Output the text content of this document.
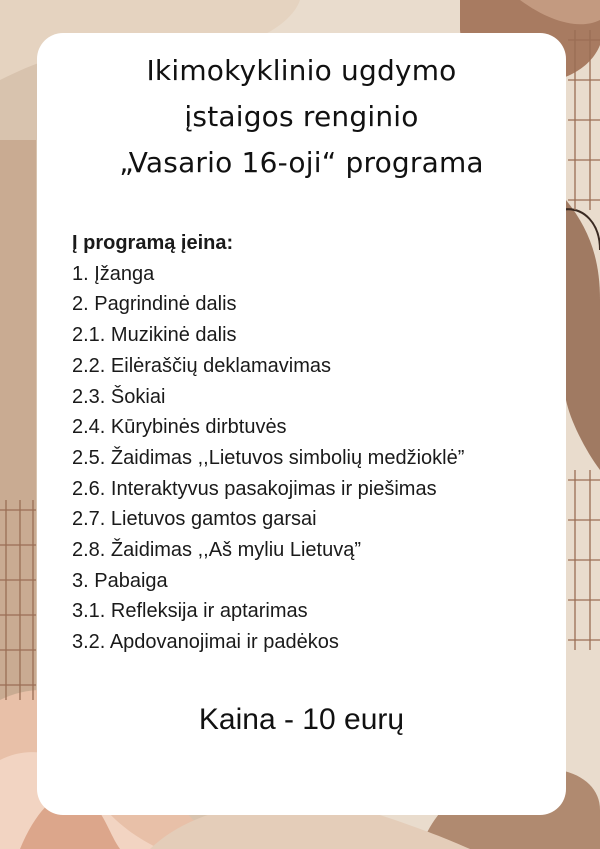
Ikimokyklinio ugdymo
įstaigos renginio
„Vasario 16-oji“ programa
Į programą įeina:
1. Įžanga
2. Pagrindinė dalis
2.1. Muzikinė dalis
2.2. Eilėraščių deklamavimas
2.3. Šokiai
2.4. Kūrybinės dirbtuvės
2.5. Žaidimas ,,Lietuvos simbolių medžioklė”
2.6. Interaktyvus pasakojimas ir piešimas
2.7. Lietuvos gamtos garsai
2.8. Žaidimas ,,Aš myliu Lietuvą”
3. Pabaiga
3.1. Refleksija ir aptarimas
3.2. Apdovanojimai ir padėkos
Kaina - 10 eurų
